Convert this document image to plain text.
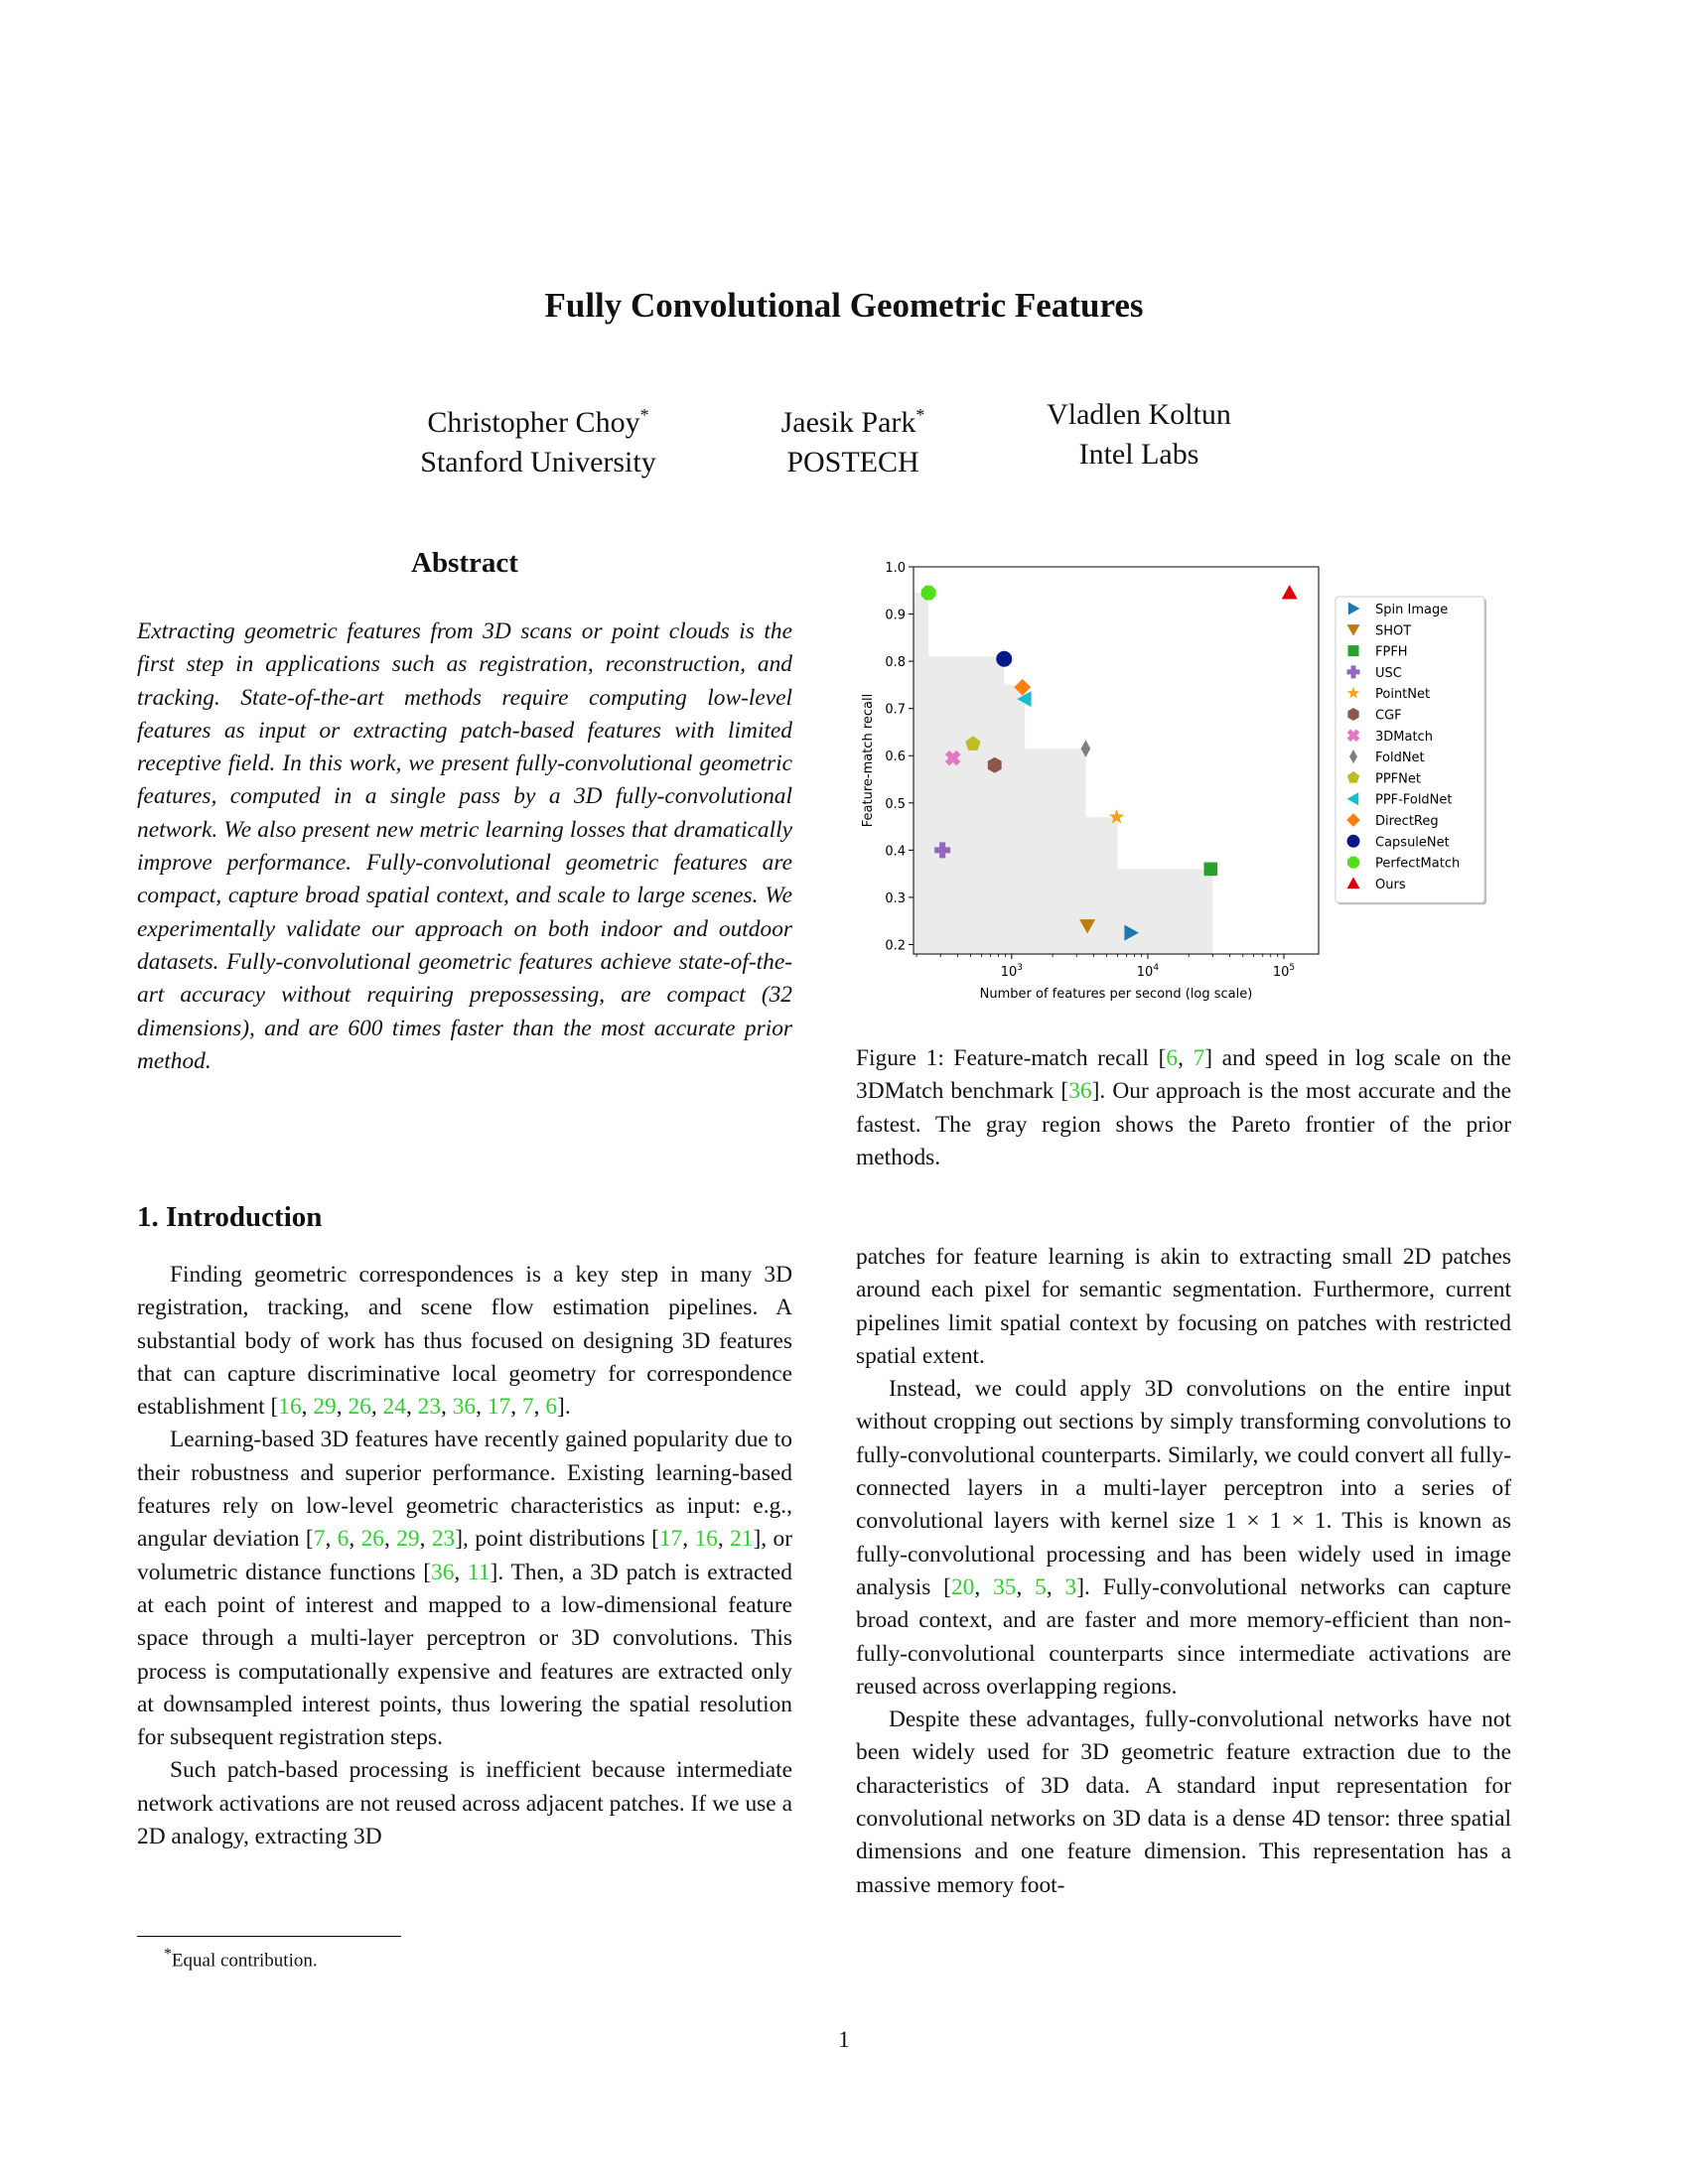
Fully Convolutional Geometric Features
Christopher Choy*
Stanford University
Jaesik Park*
POSTECH
Vladlen Koltun
Intel Labs
Abstract
Extracting geometric features from 3D scans or point clouds is the first step in applications such as registration, reconstruction, and tracking. State-of-the-art methods require computing low-level features as input or extracting patch-based features with limited receptive field. In this work, we present fully-convolutional geometric features, computed in a single pass by a 3D fully-convolutional network. We also present new metric learning losses that dramatically improve performance. Fully-convolutional geometric features are compact, capture broad spatial context, and scale to large scenes. We experimentally validate our approach on both indoor and outdoor datasets. Fully-convolutional geometric features achieve state-of-the-art accuracy without requiring prepossessing, are compact (32 dimensions), and are 600 times faster than the most accurate prior method.
1. Introduction

Finding geometric correspondences is a key step in many 3D registration, tracking, and scene flow estimation pipelines. A substantial body of work has thus focused on designing 3D features that can capture discriminative local geometry for correspondence establishment [16, 29, 26, 24, 23, 36, 17, 7, 6].

Learning-based 3D features have recently gained popularity due to their robustness and superior performance. Existing learning-based features rely on low-level geometric characteristics as input: e.g., angular deviation [7, 6, 26, 29, 23], point distributions [17, 16, 21], or volumetric distance functions [36, 11]. Then, a 3D patch is extracted at each point of interest and mapped to a low-dimensional feature space through a multi-layer perceptron or 3D convolutions. This process is computationally expensive and features are extracted only at downsampled interest points, thus lowering the spatial resolution for subsequent registration steps.

Such patch-based processing is inefficient because intermediate network activations are not reused across adjacent patches. If we use a 2D analogy, extracting 3D

*Equal contribution.
0.2
0.3
0.4
0.5
0.6
0.7
0.8
0.9
1.0
$10^3$	$10^4$	$10^5$
Number of features per second (log scale)
Feature-match recall
Spin Image
SHOT
FPFH
USC
PointNet
CGF
3DMatch
FoldNet
PPFNet
PPF-FoldNet
DirectReg
CapsuleNet
PerfectMatch
Ours
Figure 1: Feature-match recall [6, 7] and speed in log scale on the 3DMatch benchmark [36]. Our approach is the most accurate and the fastest. The gray region shows the Pareto frontier of the prior methods.

patches for feature learning is akin to extracting small 2D patches around each pixel for semantic segmentation. Furthermore, current pipelines limit spatial context by focusing on patches with restricted spatial extent.

Instead, we could apply 3D convolutions on the entire input without cropping out sections by simply transforming convolutions to fully-convolutional counterparts. Similarly, we could convert all fully-connected layers in a multi-layer perceptron into a series of convolutional layers with kernel size 1 × 1 × 1. This is known as fully-convolutional processing and has been widely used in image analysis [20, 35, 5, 3]. Fully-convolutional networks can capture broad context, and are faster and more memory-efficient than non-fully-convolutional counterparts since intermediate activations are reused across overlapping regions.

Despite these advantages, fully-convolutional networks have not been widely used for 3D geometric feature extraction due to the characteristics of 3D data. A standard input representation for convolutional networks on 3D data is a dense 4D tensor: three spatial dimensions and one feature dimension. This representation has a massive memory foot-

1
